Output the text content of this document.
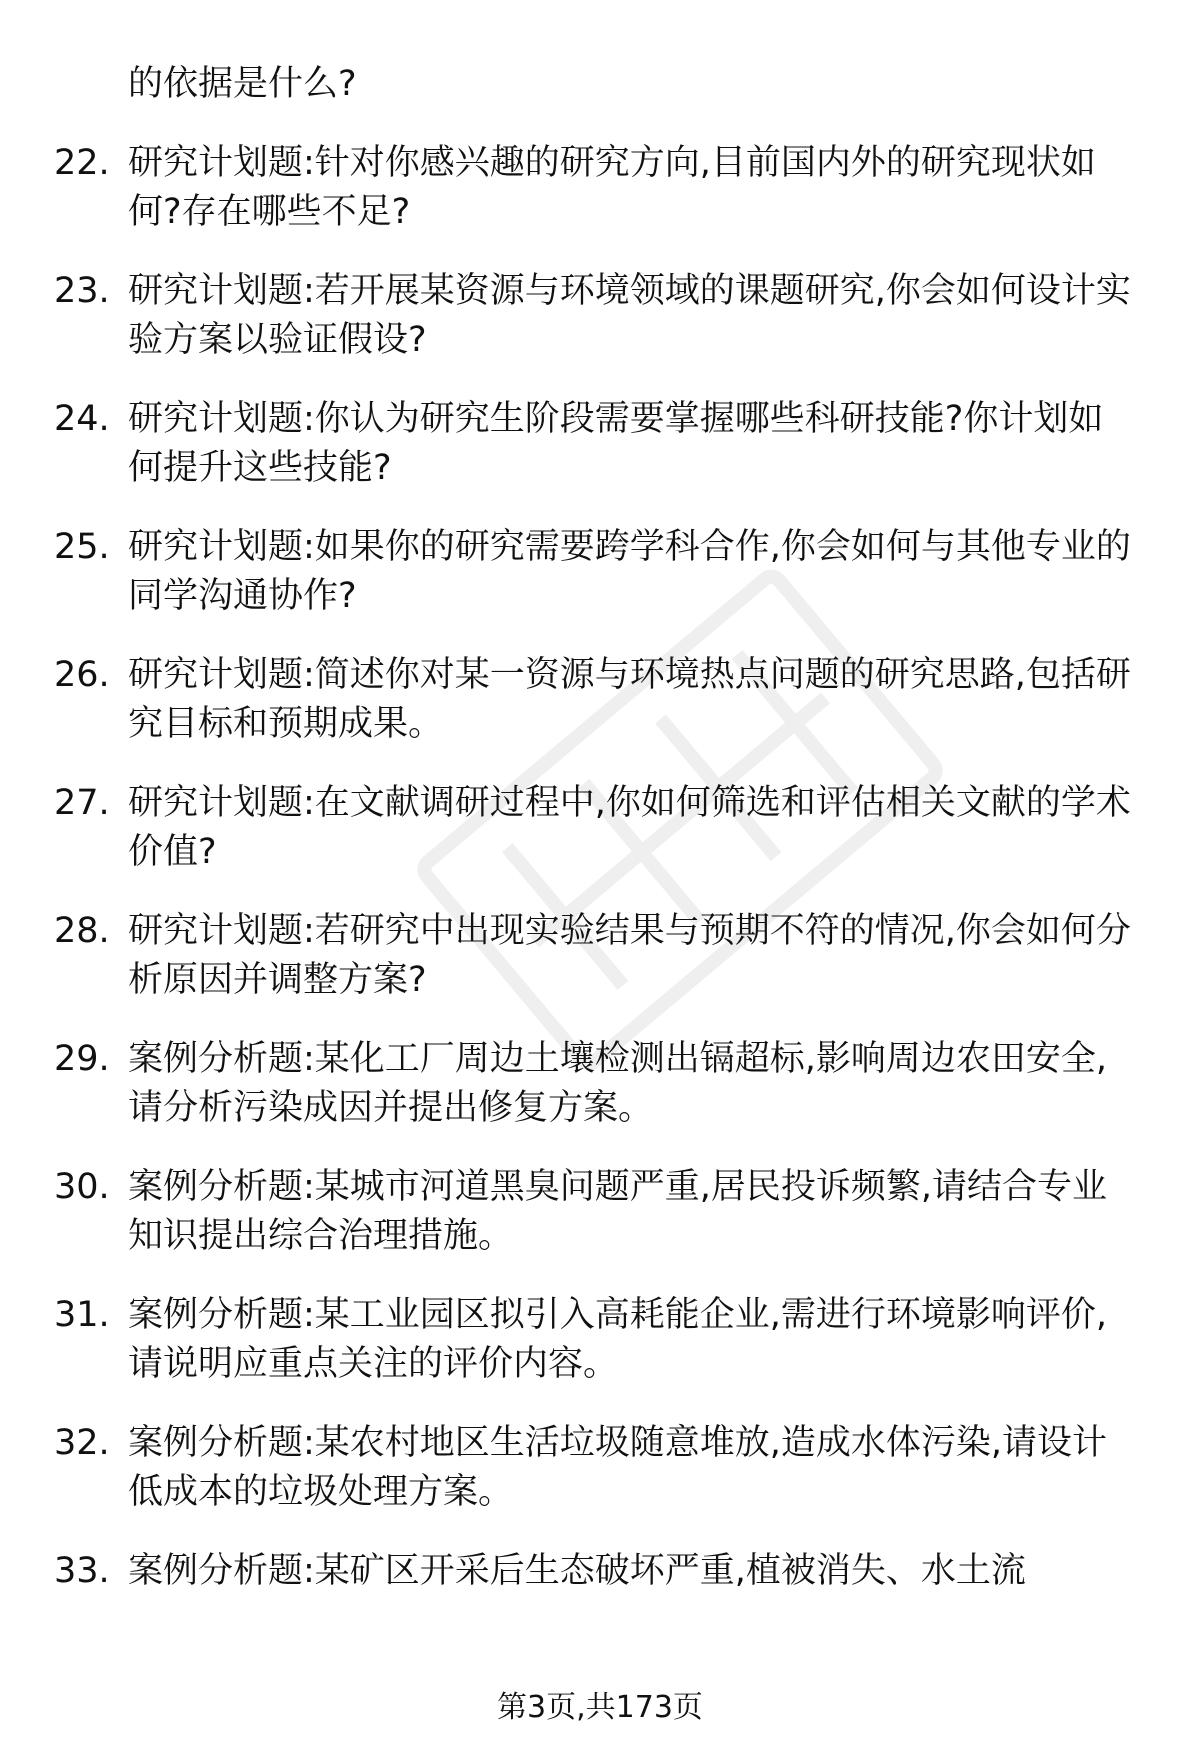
的依据是什么?
22. 研究计划题:针对你感兴趣的研究方向,目前国内外的研究现状如何?存在哪些不足?
23. 研究计划题:若开展某资源与环境领域的课题研究,你会如何设计实验方案以验证假设?
24. 研究计划题:你认为研究生阶段需要掌握哪些科研技能?你计划如何提升这些技能?
25. 研究计划题:如果你的研究需要跨学科合作,你会如何与其他专业的同学沟通协作?
26. 研究计划题:简述你对某一资源与环境热点问题的研究思路,包括研究目标和预期成果。
27. 研究计划题:在文献调研过程中,你如何筛选和评估相关文献的学术价值?
28. 研究计划题:若研究中出现实验结果与预期不符的情况,你会如何分析原因并调整方案?
29. 案例分析题:某化工厂周边土壤检测出镉超标,影响周边农田安全,请分析污染成因并提出修复方案。
30. 案例分析题:某城市河道黑臭问题严重,居民投诉频繁,请结合专业知识提出综合治理措施。
31. 案例分析题:某工业园区拟引入高耗能企业,需进行环境影响评价,请说明应重点关注的评价内容。
32. 案例分析题:某农村地区生活垃圾随意堆放,造成水体污染,请设计低成本的垃圾处理方案。
33. 案例分析题:某矿区开采后生态破坏严重,植被消失、水土流
第3页,共173页
